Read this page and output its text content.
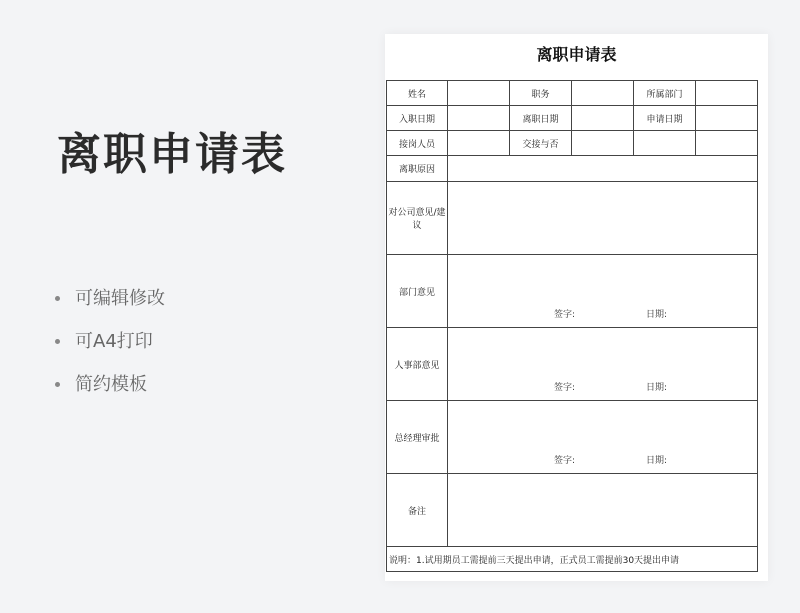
离职申请表
可编辑修改
可A4打印
简约模板
离职申请表
姓名		职务		所属部门	
入职日期		离职日期		申请日期	
接岗人员		交接与否			
离职原因					
对公司意见/建议					
部门意见	签字: 日期:				

人事部意见	签字: 日期:				

总经理审批	签字: 日期:				

备注					
说明：1.试用期员工需提前三天提出申请，正式员工需提前30天提出申请					
